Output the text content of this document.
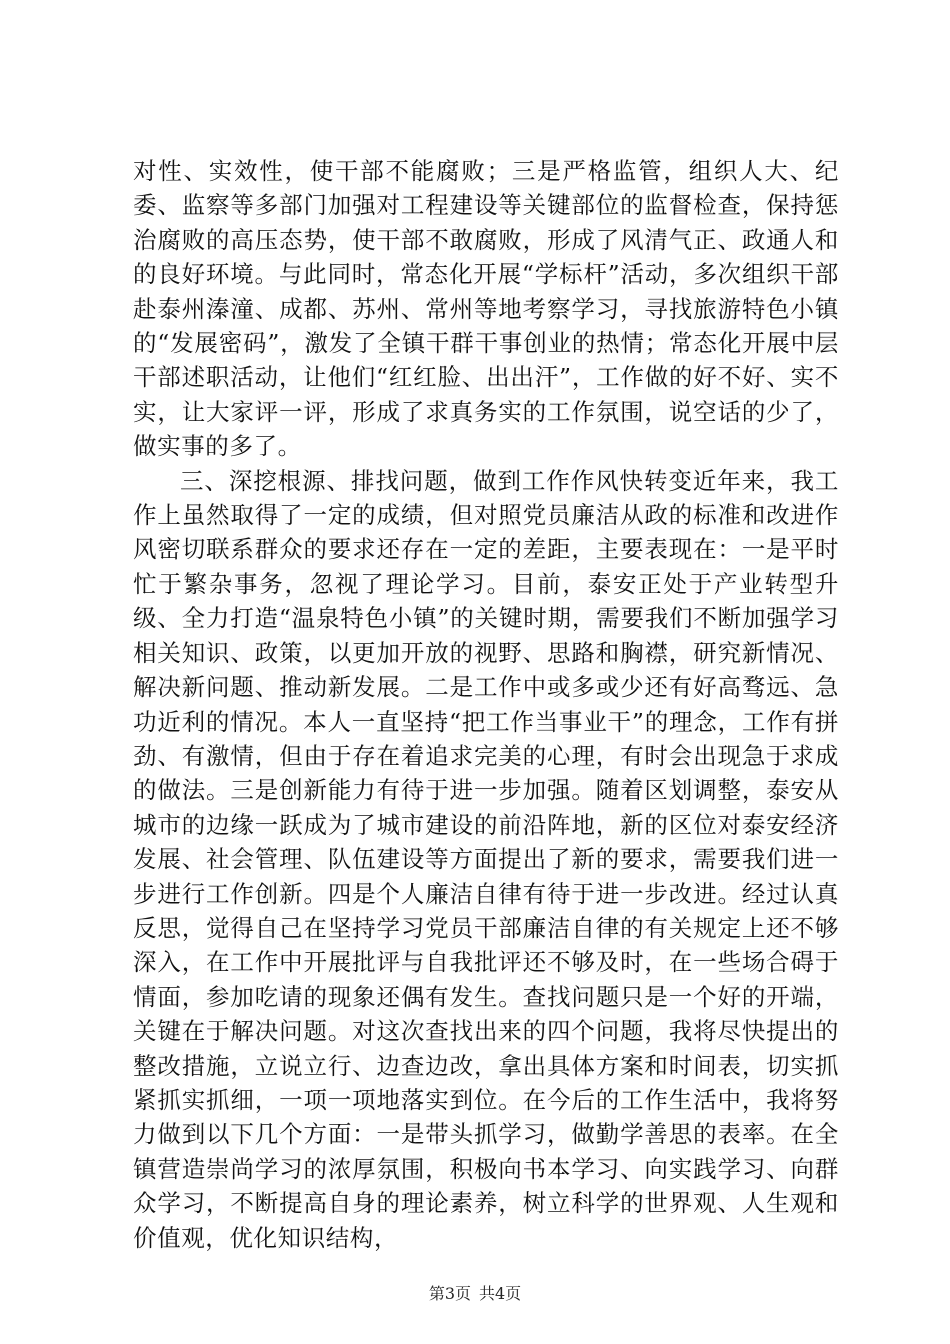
对性、实效性，使干部不能腐败；三是严格监管，组织人大、纪委、监察等多部门加强对工程建设等关键部位的监督检查，保持惩治腐败的高压态势，使干部不敢腐败，形成了风清气正、政通人和的良好环境。与此同时，常态化开展“学标杆”活动，多次组织干部赴泰州溱潼、成都、苏州、常州等地考察学习，寻找旅游特色小镇的“发展密码”，激发了全镇干群干事创业的热情；常态化开展中层干部述职活动，让他们“红红脸、出出汗”，工作做的好不好、实不实，让大家评一评，形成了求真务实的工作氛围，说空话的少了，做实事的多了。

三、深挖根源、排找问题，做到工作作风快转变近年来，我工作上虽然取得了一定的成绩，但对照党员廉洁从政的标准和改进作风密切联系群众的要求还存在一定的差距，主要表现在：一是平时忙于繁杂事务，忽视了理论学习。目前，泰安正处于产业转型升级、全力打造“温泉特色小镇”的关键时期，需要我们不断加强学习相关知识、政策，以更加开放的视野、思路和胸襟，研究新情况、解决新问题、推动新发展。二是工作中或多或少还有好高骛远、急功近利的情况。本人一直坚持“把工作当事业干”的理念，工作有拼劲、有激情，但由于存在着追求完美的心理，有时会出现急于求成的做法。三是创新能力有待于进一步加强。随着区划调整，泰安从城市的边缘一跃成为了城市建设的前沿阵地，新的区位对泰安经济发展、社会管理、队伍建设等方面提出了新的要求，需要我们进一步进行工作创新。四是个人廉洁自律有待于进一步改进。经过认真反思，觉得自己在坚持学习党员干部廉洁自律的有关规定上还不够深入，在工作中开展批评与自我批评还不够及时，在一些场合碍于情面，参加吃请的现象还偶有发生。查找问题只是一个好的开端，关键在于解决问题。对这次查找出来的四个问题，我将尽快提出的整改措施，立说立行、边查边改，拿出具体方案和时间表，切实抓紧抓实抓细，一项一项地落实到位。在今后的工作生活中，我将努力做到以下几个方面：一是带头抓学习，做勤学善思的表率。在全镇营造崇尚学习的浓厚氛围，积极向书本学习、向实践学习、向群众学习，不断提高自身的理论素养，树立科学的世界观、人生观和价值观，优化知识结构，

第3页 共4页
